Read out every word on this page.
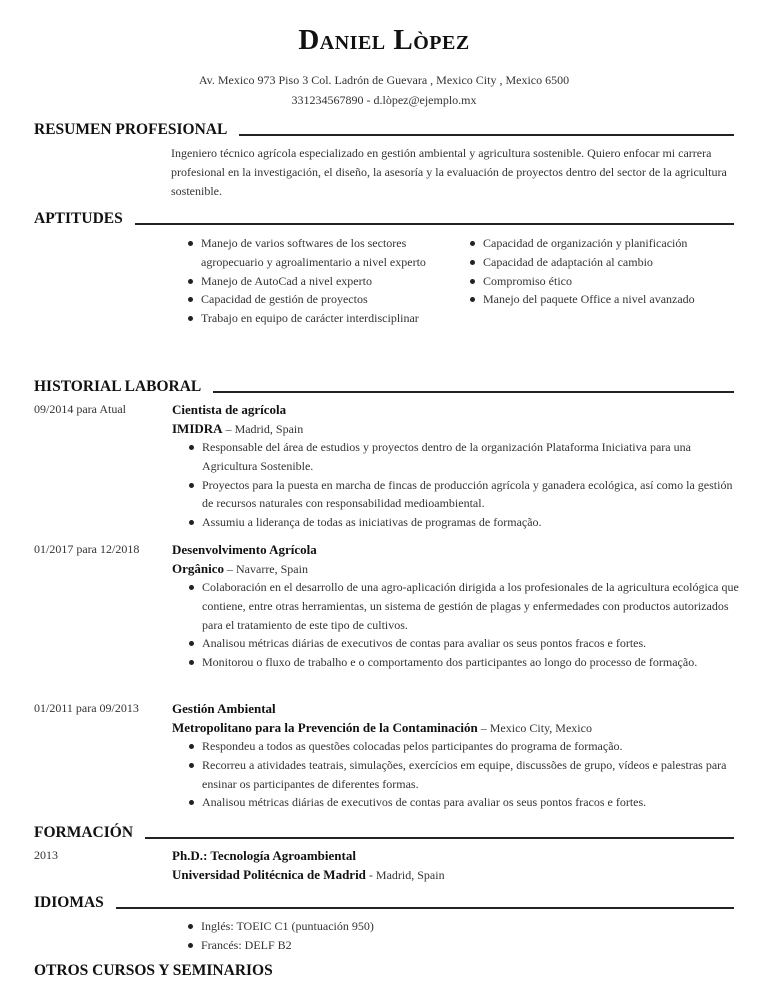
Daniel Lòpez
Av. Mexico 973 Piso 3 Col. Ladrón de Guevara , Mexico City , Mexico 6500
331234567890 - d.lòpez@ejemplo.mx
RESUMEN PROFESIONAL
Ingeniero técnico agrícola especializado en gestión ambiental y agricultura sostenible. Quiero enfocar mi carrera profesional en la investigación, el diseño, la asesoría y la evaluación de proyectos dentro del sector de la agricultura sostenible.
APTITUDES
Manejo de varios softwares de los sectores agropecuario y agroalimentario a nivel experto
Manejo de AutoCad a nivel experto
Capacidad de gestión de proyectos
Trabajo en equipo de carácter interdisciplinar
Capacidad de organización y planificación
Capacidad de adaptación al cambio
Compromiso ético
Manejo del paquete Office a nivel avanzado
HISTORIAL LABORAL
09/2014 para Atual	Cientista de agrícola
IMIDRA – Madrid, Spain
Responsable del área de estudios y proyectos dentro de la organización Plataforma Iniciativa para una Agricultura Sostenible.
Proyectos para la puesta en marcha de fincas de producción agrícola y ganadera ecológica, así como la gestión de recursos naturales con responsabilidad medioambiental.
Assumiu a liderança de todas as iniciativas de programas de formação.
01/2017 para 12/2018	Desenvolvimento Agrícola
Orgânico – Navarre, Spain
Colaboración en el desarrollo de una agro-aplicación dirigida a los profesionales de la agricultura ecológica que contiene, entre otras herramientas, un sistema de gestión de plagas y enfermedades con productos autorizados para el tratamiento de este tipo de cultivos.
Analisou métricas diárias de executivos de contas para avaliar os seus pontos fracos e fortes.
Monitorou o fluxo de trabalho e o comportamento dos participantes ao longo do processo de formação.
01/2011 para 09/2013	Gestión Ambiental
Metropolitano para la Prevención de la Contaminación – Mexico City, Mexico
Respondeu a todos as questões colocadas pelos participantes do programa de formação.
Recorreu a atividades teatrais, simulações, exercícios em equipe, discussões de grupo, vídeos e palestras para ensinar os participantes de diferentes formas.
Analisou métricas diárias de executivos de contas para avaliar os seus pontos fracos e fortes.
FORMACIÓN
2013	Ph.D.: Tecnología Agroambiental
Universidad Politécnica de Madrid - Madrid, Spain
IDIOMAS
Inglés: TOEIC C1 (puntuación 950)
Francés: DELF B2
OTROS CURSOS Y SEMINARIOS
